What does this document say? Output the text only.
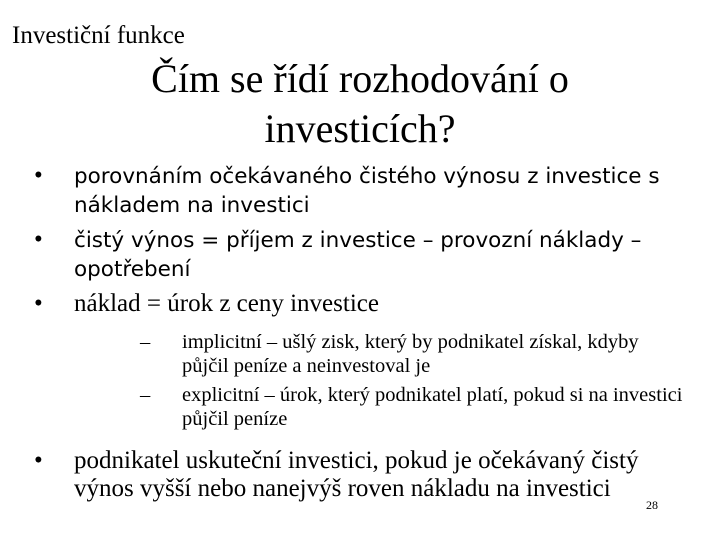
Investiční funkce
Čím se řídí rozhodování o investicích?
• porovnáním očekávaného čistého výnosu z investice s nákladem na investici
• čistý výnos = příjem z investice – provozní náklady – opotřebení
• náklad = úrok z ceny investice
– implicitní – ušlý zisk, který by podnikatel získal, kdyby půjčil peníze a neinvestoval je
– explicitní – úrok, který podnikatel platí, pokud si na investici půjčil peníze
• podnikatel uskuteční investici, pokud je očekávaný čistý výnos vyšší nebo nanejvýš roven nákladu na investici
28
